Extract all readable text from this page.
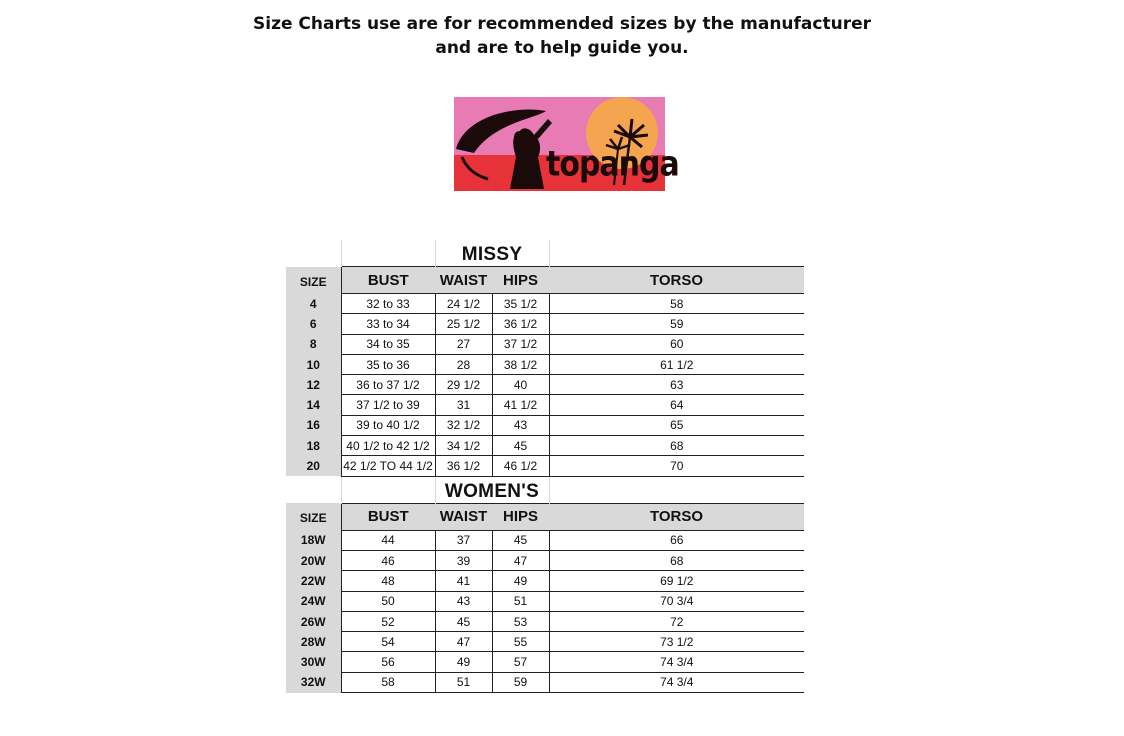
Size Charts use are for recommended sizes by the manufacturer and are to help guide you.
topanga
		MISSY		
SIZE	BUST	WAIST	HIPS	TORSO
4	32 to 33	24 1/2	35 1/2	58
6	33 to 34	25 1/2	36 1/2	59
8	34 to 35	27	37 1/2	60
10	35 to 36	28	38 1/2	61 1/2
12	36 to 37 1/2	29 1/2	40	63
14	37 1/2 to 39	31	41 1/2	64
16	39 to 40 1/2	32 1/2	43	65
18	40 1/2 to 42 1/2	34 1/2	45	68
20	42 1/2 TO 44 1/2	36 1/2	46 1/2	70
		WOMEN'S		
SIZE	BUST	WAIST	HIPS	TORSO
18W	44	37	45	66
20W	46	39	47	68
22W	48	41	49	69 1/2
24W	50	43	51	70 3/4
26W	52	45	53	72
28W	54	47	55	73 1/2
30W	56	49	57	74 3/4
32W	58	51	59	74 3/4
